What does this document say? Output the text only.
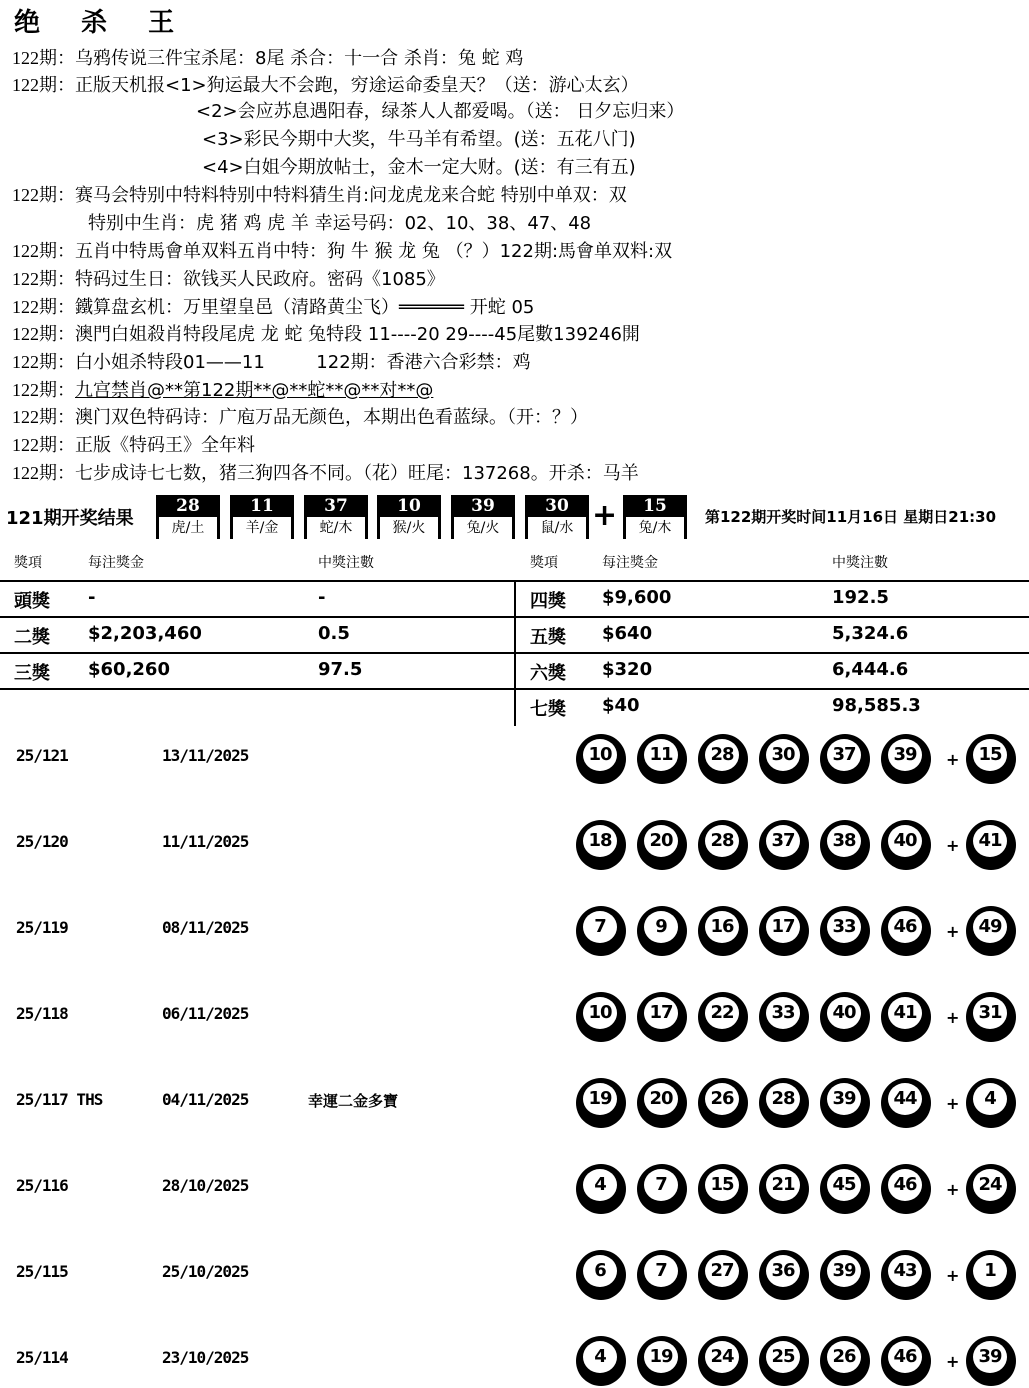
绝 杀 王
122期：乌鸦传说三件宝杀尾：8尾 杀合：十一合 杀肖：兔 蛇 鸡
122期：正版天机报<1>狗运最大不会跑，穷途运命委皇天？（送：游心太玄）
<2>会应苏息遇阳春，绿茶人人都爱喝。（送： 日夕忘归来）
<3>彩民今期中大奖，牛马羊有希望。(送：五花八门)
<4>白姐今期放帖士，金木一定大财。(送：有三有五)
122期：赛马会特别中特料特别中特料猜生肖:问龙虎龙来合蛇 特别中单双：双
特别中生肖：虎 猪 鸡 虎 羊 幸运号码：02、10、38、47、48
122期：五肖中特馬會单双料五肖中特：狗 牛 猴 龙 兔 （？）122期:馬會单双料:双
122期：特码过生日：欲钱买人民政府。密码《1085》
122期：鐵算盘玄机：万里望皇邑（清路黄尘飞）══════ 开蛇 05
122期：澳門白姐殺肖特段尾虎 龙 蛇 兔特段 11----20 29----45尾數139246開
122期：白小姐杀特段01——11         122期：香港六合彩禁：鸡
122期：九宫禁肖@**第122期**@**蛇**@**对**@
122期：澳门双色特码诗：广庖万品无颜色，本期出色看蓝绿。（开：？）
122期：正版《特码王》全年料
122期：七步成诗七七数，猪三狗四各不同。（花）旺尾：137268。开杀：马羊
121期开奖结果
28
虎/土
11
羊/金
37
蛇/木
10
猴/火
39
兔/火
30
鼠/水 +	15
兔/木
第122期开奖时间11月16日 星期日21:30
獎項	每注獎金	中獎注數	獎項	每注獎金	中獎注數
頭獎 -	-
二獎 $2,203,460	0.5
三獎 $60,260	97.5
四獎 $9,600	192.5
五獎 $640	5,324.6
六獎 $320	6,444.6
七獎 $40	98,585.3
25/121	13/11/2025	10	11	28	30	37	39	+	15
25/120	11/11/2025	18	20	28	37	38	40	+	41
25/119	08/11/2025	7	9	16	17	33	46	+	49
25/118	06/11/2025	10	17	22	33	40	41	+	31
25/117 THS	04/11/2025	幸運二金多寶	19	20	26	28	39	44	+	4
25/116	28/10/2025	4	7	15	21	45	46	+	24
25/115	25/10/2025	6	7	27	36	39	43	+	1
25/114	23/10/2025	4	19	24	25	26	46	+	39
